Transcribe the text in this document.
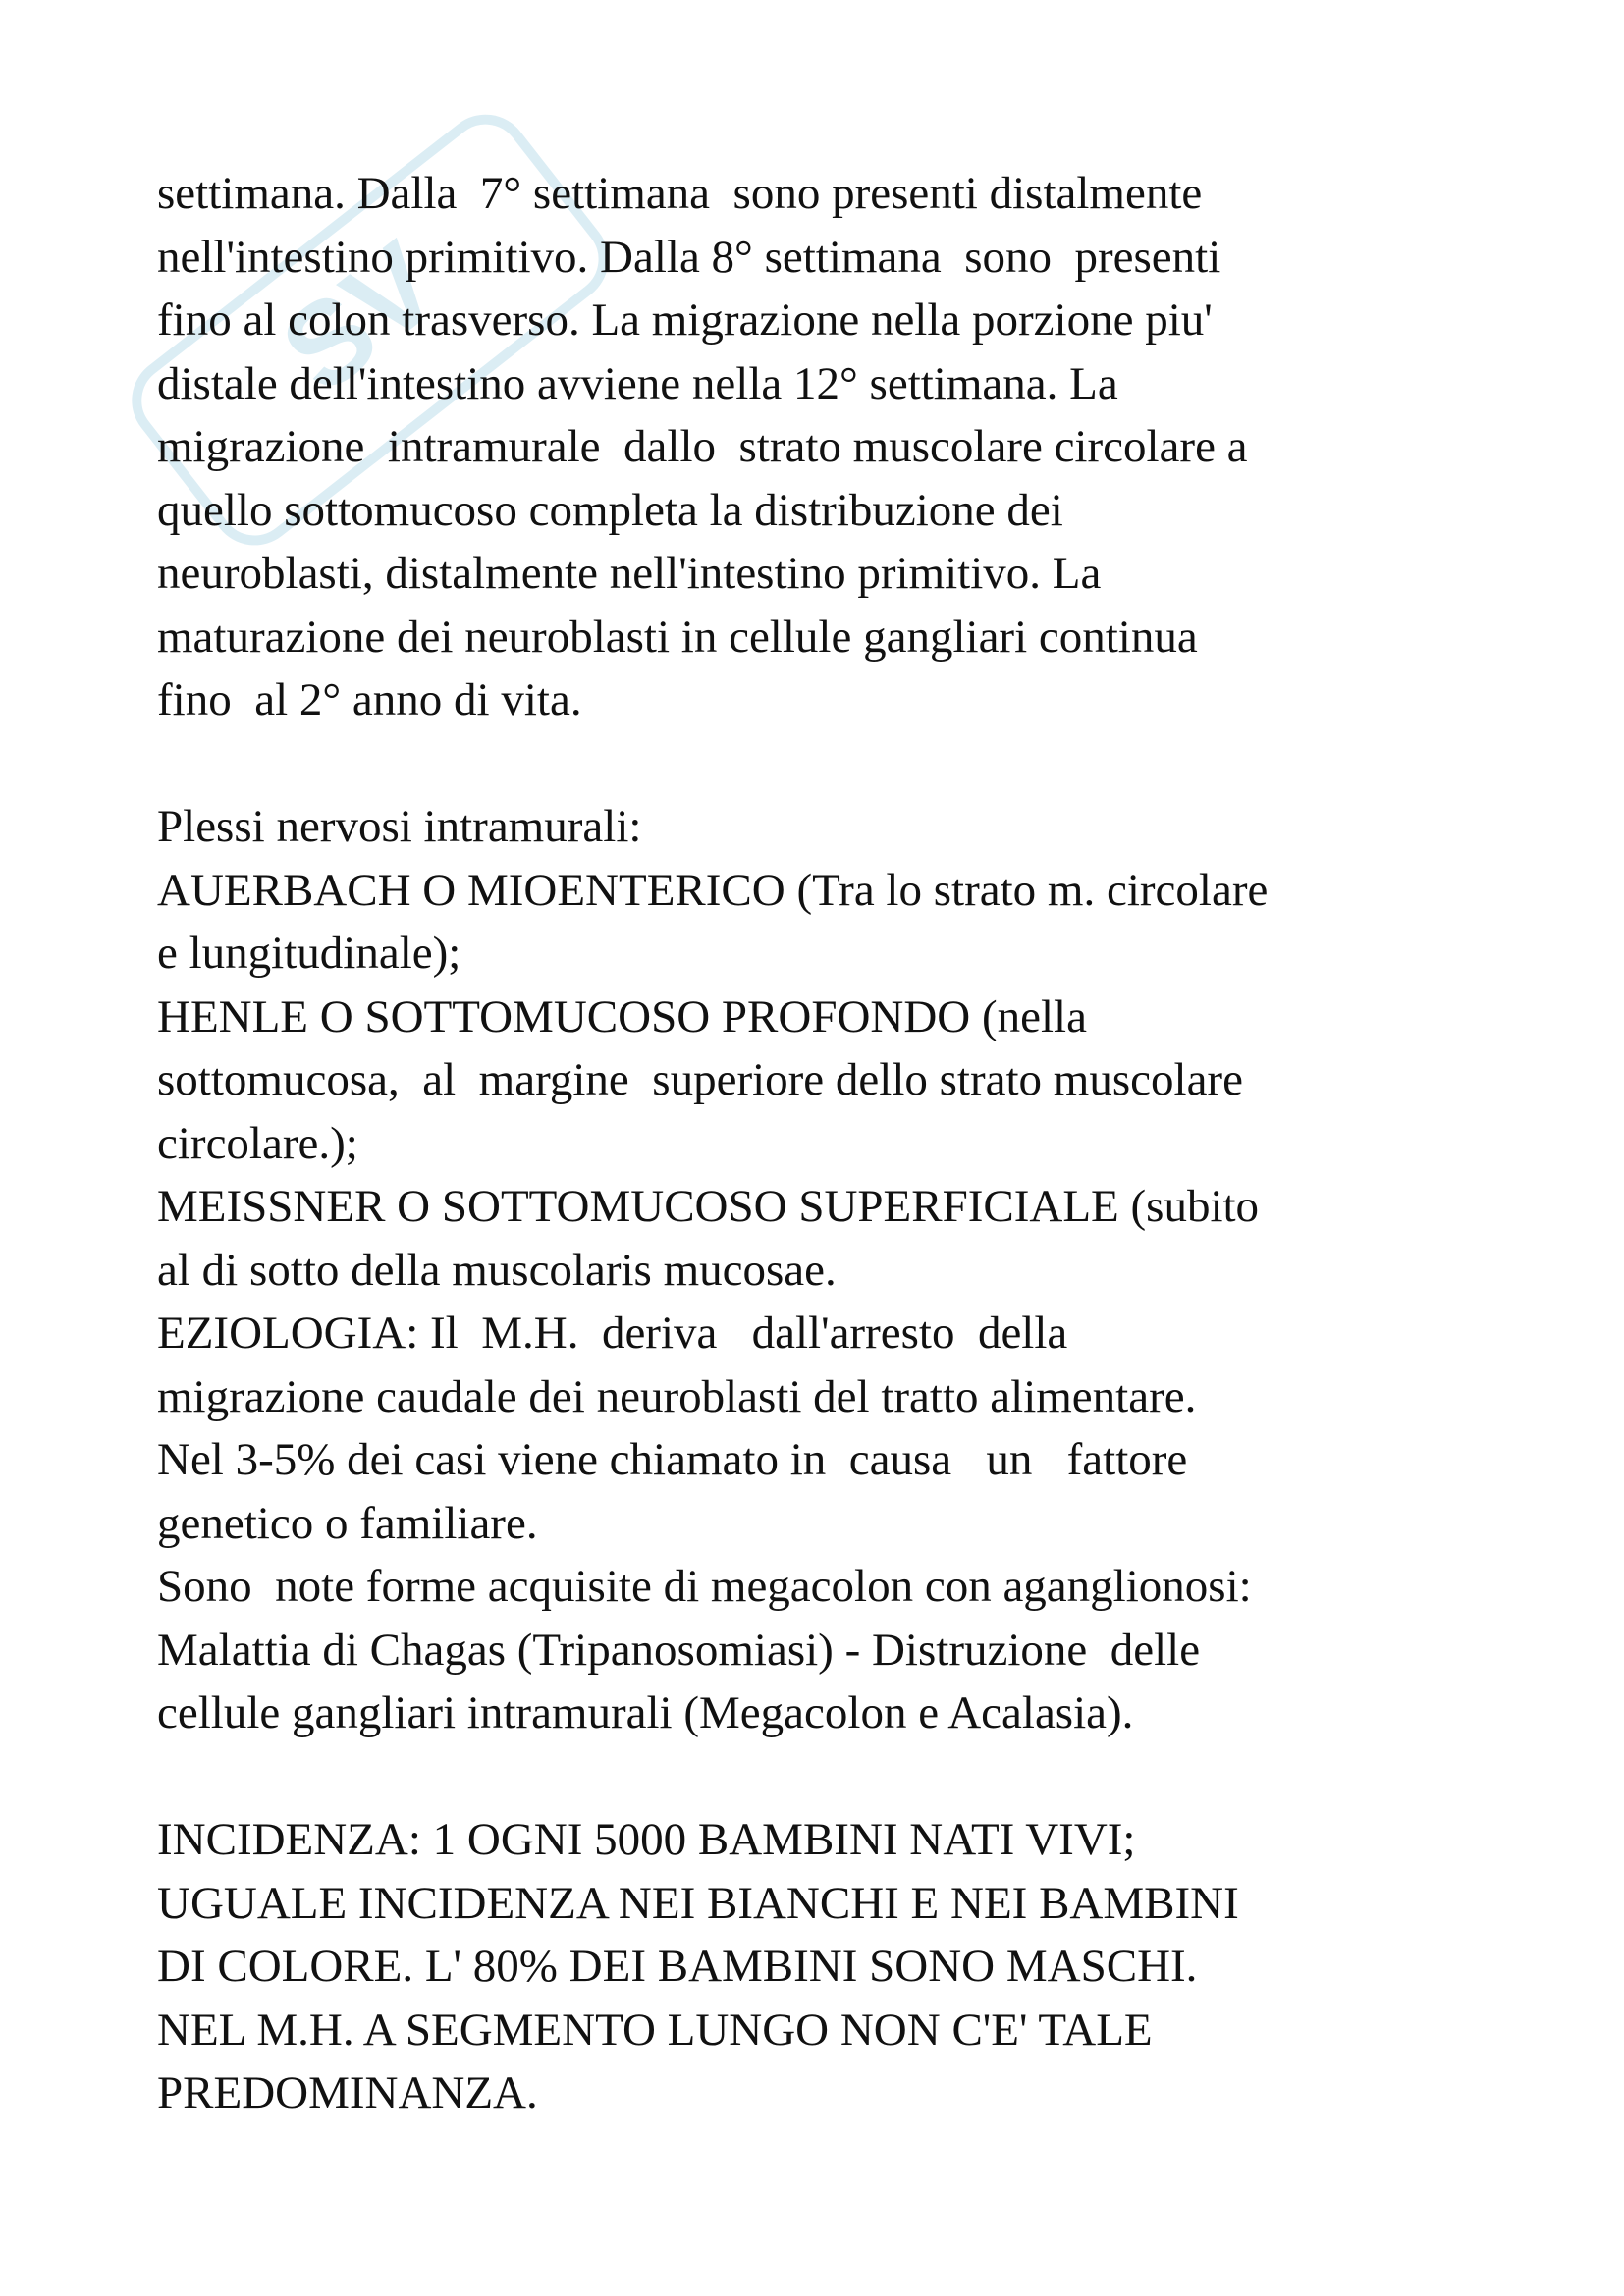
SV

settimana. Dalla  7° settimana  sono presenti distalmente
nell'intestino primitivo. Dalla 8° settimana  sono  presenti
fino al colon trasverso. La migrazione nella porzione piu'
distale dell'intestino avviene nella 12° settimana. La
migrazione  intramurale  dallo  strato muscolare circolare a
quello sottomucoso completa la distribuzione dei
neuroblasti, distalmente nell'intestino primitivo. La
maturazione dei neuroblasti in cellule gangliari continua
fino  al 2° anno di vita.

Plessi nervosi intramurali:
AUERBACH O MIOENTERICO (Tra lo strato m. circolare
e lungitudinale);
HENLE O SOTTOMUCOSO PROFONDO (nella
sottomucosa,  al  margine  superiore dello strato muscolare
circolare.);
MEISSNER O SOTTOMUCOSO SUPERFICIALE (subito
al di sotto della muscolaris mucosae.
EZIOLOGIA: Il  M.H.  deriva   dall'arresto  della
migrazione caudale dei neuroblasti del tratto alimentare.
Nel 3-5% dei casi viene chiamato in  causa   un   fattore
genetico o familiare.
Sono  note forme acquisite di megacolon con aganglionosi:
Malattia di Chagas (Tripanosomiasi) - Distruzione  delle
cellule gangliari intramurali (Megacolon e Acalasia).

INCIDENZA: 1 OGNI 5000 BAMBINI NATI VIVI;
UGUALE INCIDENZA NEI BIANCHI E NEI BAMBINI
DI COLORE. L' 80% DEI BAMBINI SONO MASCHI.
NEL M.H. A SEGMENTO LUNGO NON C'E' TALE
PREDOMINANZA.
